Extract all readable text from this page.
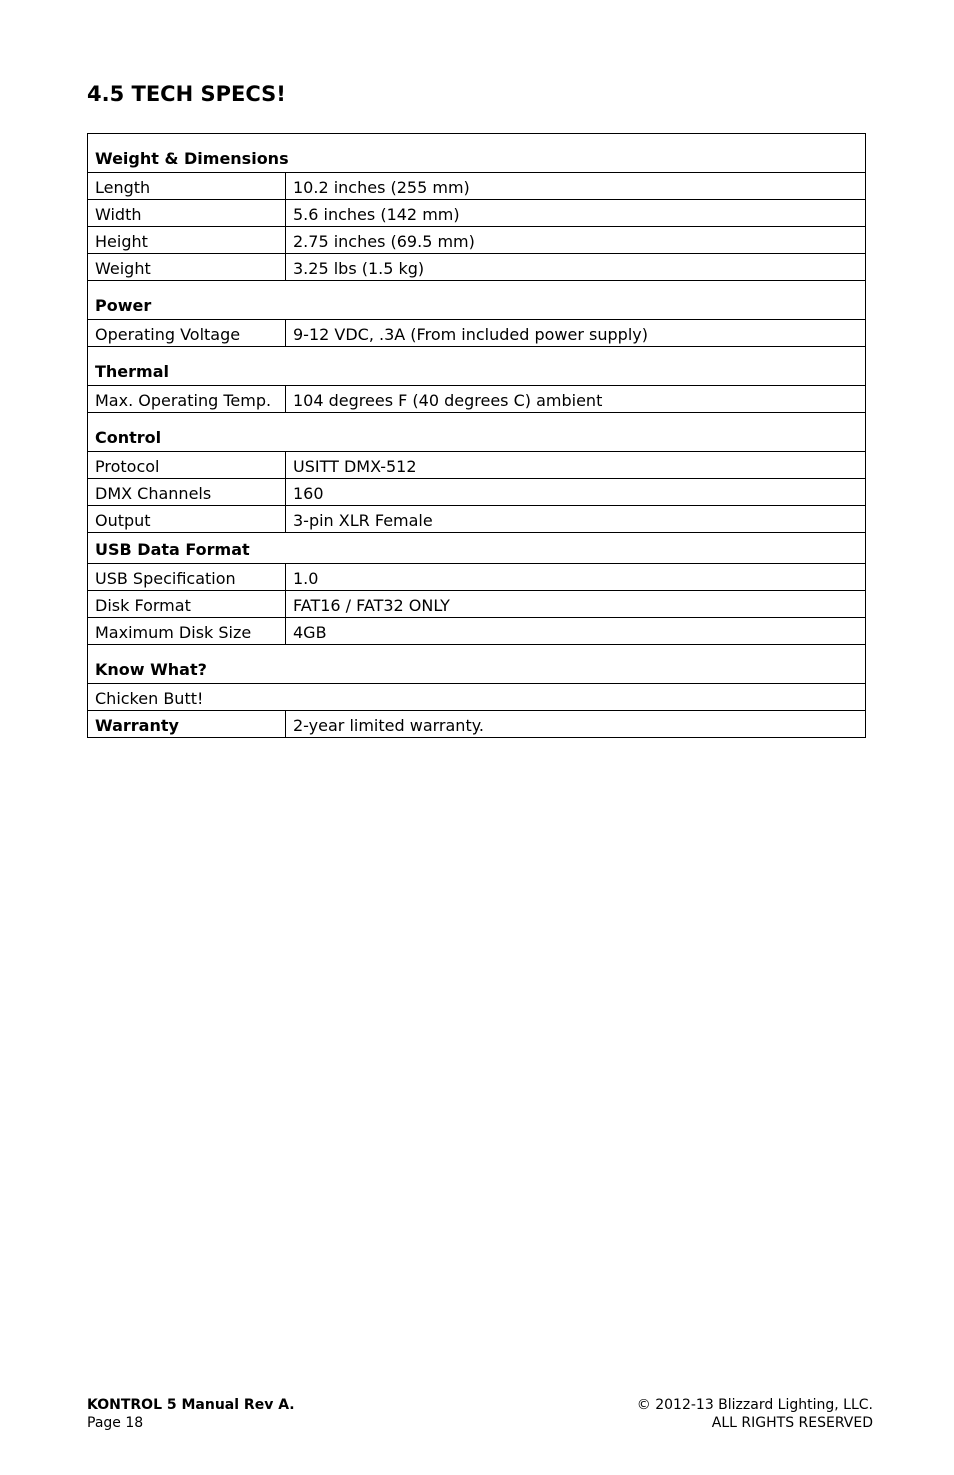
4.5 TECH SPECS!
Weight & Dimensions	
Length	10.2 inches (255 mm)
Width	5.6 inches (142 mm)
Height	2.75 inches (69.5 mm)
Weight	3.25 lbs (1.5 kg)
Power	
Operating Voltage	9-12 VDC, .3A (From included power supply)
Thermal	
Max. Operating Temp.	104 degrees F (40 degrees C) ambient
Control	
Protocol	USITT DMX-512
DMX Channels	160
Output	3-pin XLR Female
USB Data Format	
USB Specification	1.0
Disk Format	FAT16 / FAT32 ONLY
Maximum Disk Size	4GB
Know What?	
Chicken Butt!	
Warranty	2-year limited warranty.
KONTROL 5 Manual Rev A.
Page 18
© 2012-13 Blizzard Lighting, LLC.
ALL RIGHTS RESERVED
